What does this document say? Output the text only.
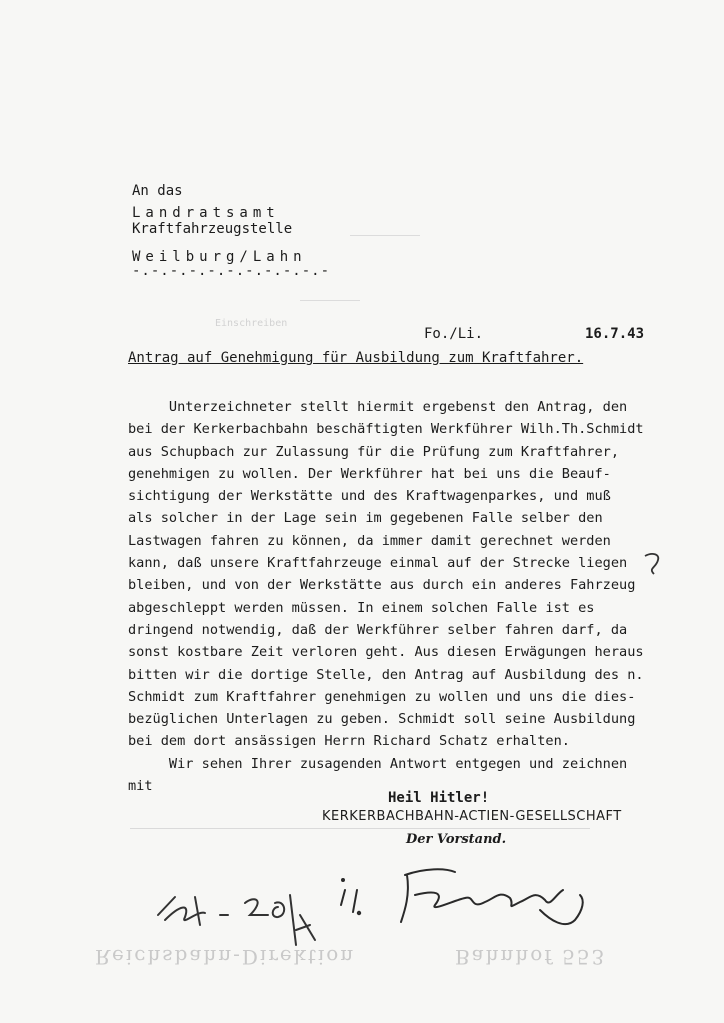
Einschreiben
An das
Landratsamt
Kraftfahrzeugstelle
Weilburg/Lahn
-.-.-.-.-.-.-.-.-.-.-
Fo./Li.	16.7.43
Antrag auf Genehmigung für Ausbildung zum Kraftfahrer.
Unterzeichneter stellt hiermit ergebenst den Antrag, den
bei der Kerkerbachbahn beschäftigten Werkführer Wilh.Th.Schmidt
aus Schupbach zur Zulassung für die Prüfung zum Kraftfahrer,
genehmigen zu wollen. Der Werkführer hat bei uns die Beauf-
sichtigung der Werkstätte und des Kraftwagenparkes, und muß
als solcher in der Lage sein im gegebenen Falle selber den
Lastwagen fahren zu können, da immer damit gerechnet werden
kann, daß unsere Kraftfahrzeuge einmal auf der Strecke liegen
bleiben, und von der Werkstätte aus durch ein anderes Fahrzeug
abgeschleppt werden müssen. In einem solchen Falle ist es
dringend notwendig, daß der Werkführer selber fahren darf, da
sonst kostbare Zeit verloren geht. Aus diesen Erwägungen heraus
bitten wir die dortige Stelle, den Antrag auf Ausbildung des n.
Schmidt zum Kraftfahrer genehmigen zu wollen und uns die dies-
bezüglichen Unterlagen zu geben. Schmidt soll seine Ausbildung
bei dem dort ansässigen Herrn Richard Schatz erhalten.
Wir sehen Ihrer zusagenden Antwort entgegen und zeichnen
mit
Heil Hitler!
KERKERBACHBAHN-ACTIEN-GESELLSCHAFT
Der Vorstand.
Reichsbahn-Direktion	Bahnhof 553
